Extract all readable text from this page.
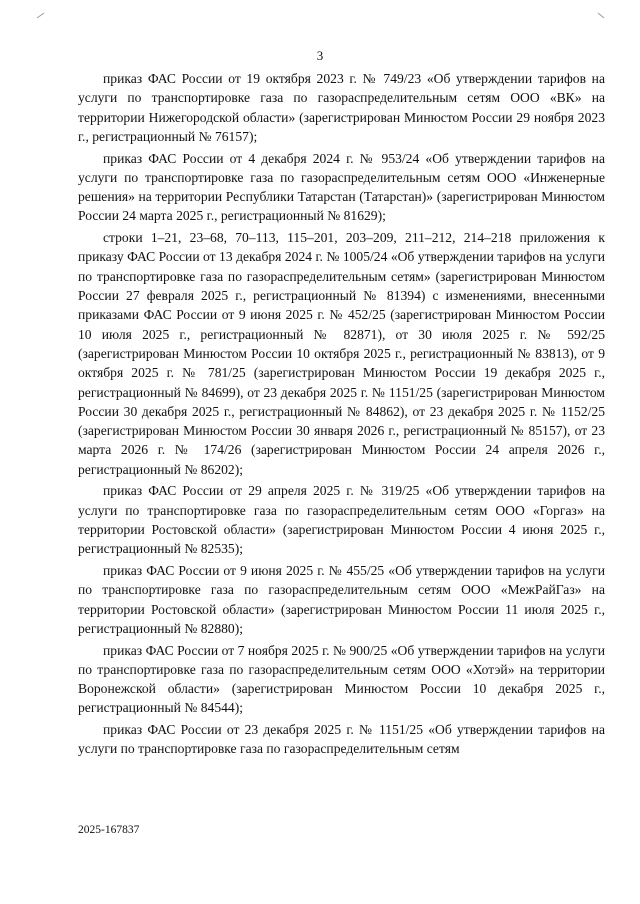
3

приказ ФАС России от 19 октября 2023 г. № 749/23 «Об утверждении тарифов на услуги по транспортировке газа по газораспределительным сетям ООО «ВК» на территории Нижегородской области» (зарегистрирован Минюстом России 29 ноября 2023 г., регистрационный № 76157);

приказ ФАС России от 4 декабря 2024 г. № 953/24 «Об утверждении тарифов на услуги по транспортировке газа по газораспределительным сетям ООО «Инженерные решения» на территории Республики Татарстан (Татарстан)» (зарегистрирован Минюстом России 24 марта 2025 г., регистрационный № 81629);

строки 1–21, 23–68, 70–113, 115–201, 203–209, 211–212, 214–218 приложения к приказу ФАС России от 13 декабря 2024 г. № 1005/24 «Об утверждении тарифов на услуги по транспортировке газа по газораспределительным сетям» (зарегистрирован Минюстом России 27 февраля 2025 г., регистрационный № 81394) с изменениями, внесенными приказами ФАС России от 9 июня 2025 г. № 452/25 (зарегистрирован Минюстом России 10 июля 2025 г., регистрационный № 82871), от 30 июля 2025 г. № 592/25 (зарегистрирован Минюстом России 10 октября 2025 г., регистрационный № 83813), от 9 октября 2025 г. № 781/25 (зарегистрирован Минюстом России 19 декабря 2025 г., регистрационный № 84699), от 23 декабря 2025 г. № 1151/25 (зарегистрирован Минюстом России 30 декабря 2025 г., регистрационный № 84862), от 23 декабря 2025 г. № 1152/25 (зарегистрирован Минюстом России 30 января 2026 г., регистрационный № 85157), от 23 марта 2026 г. № 174/26 (зарегистрирован Минюстом России 24 апреля 2026 г., регистрационный № 86202);

приказ ФАС России от 29 апреля 2025 г. № 319/25 «Об утверждении тарифов на услуги по транспортировке газа по газораспределительным сетям ООО «Горгаз» на территории Ростовской области» (зарегистрирован Минюстом России 4 июня 2025 г., регистрационный № 82535);

приказ ФАС России от 9 июня 2025 г. № 455/25 «Об утверждении тарифов на услуги по транспортировке газа по газораспределительным сетям ООО «МежРайГаз» на территории Ростовской области» (зарегистрирован Минюстом России 11 июля 2025 г., регистрационный № 82880);

приказ ФАС России от 7 ноября 2025 г. № 900/25 «Об утверждении тарифов на услуги по транспортировке газа по газораспределительным сетям ООО «Хотэй» на территории Воронежской области» (зарегистрирован Минюстом России 10 декабря 2025 г., регистрационный № 84544);

приказ ФАС России от 23 декабря 2025 г. № 1151/25 «Об утверждении тарифов на услуги по транспортировке газа по газораспределительным сетям

2025-167837
